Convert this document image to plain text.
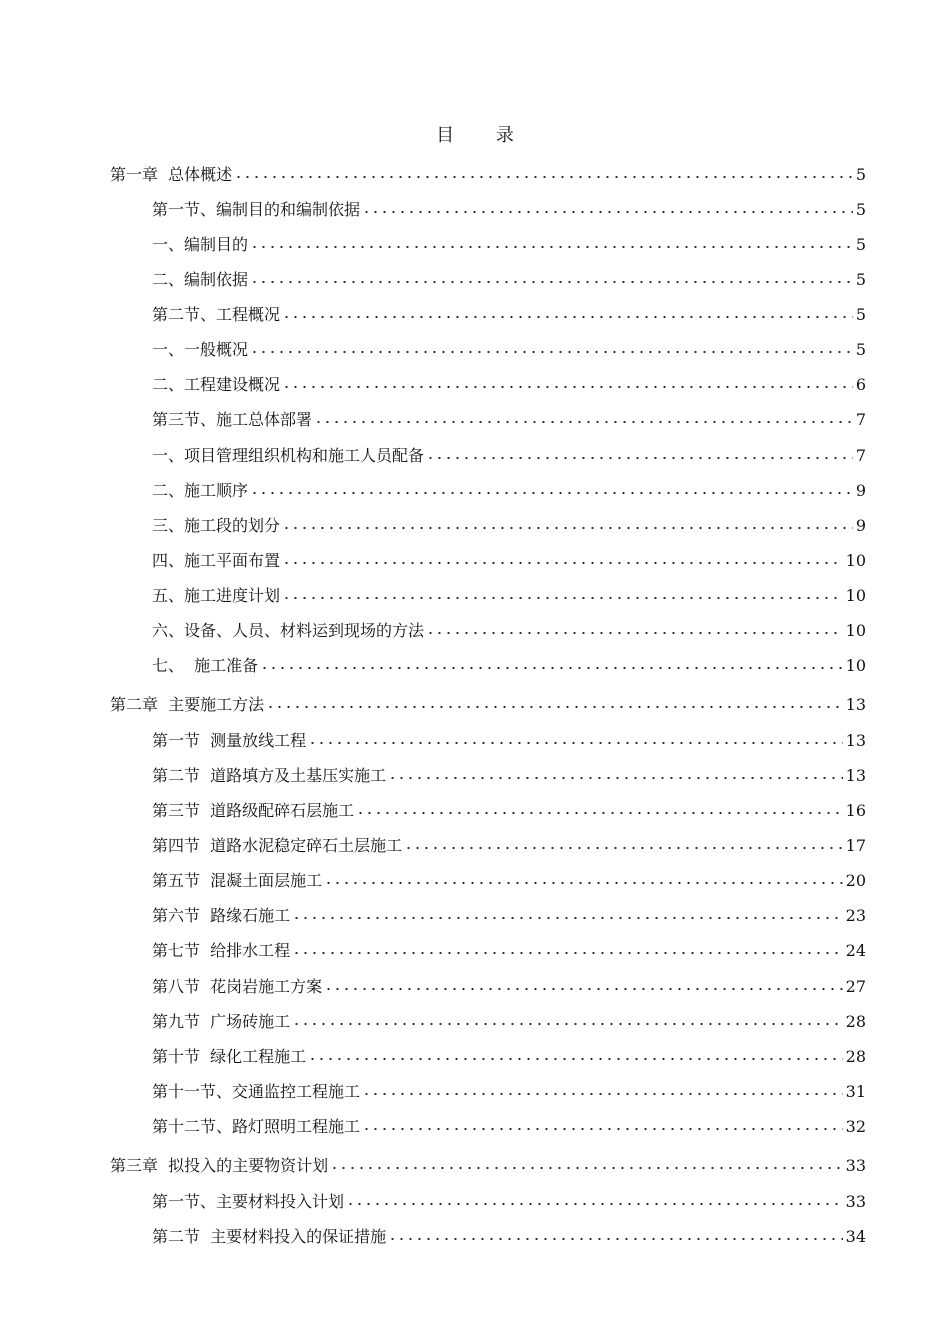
目 录
第一章  总体概述	5
第一节、编制目的和编制依据	5
一、编制目的	5
二、编制依据	5
第二节、工程概况	5
一、一般概况	5
二、工程建设概况	6
第三节、施工总体部署	7
一、项目管理组织机构和施工人员配备	7
二、施工顺序	9
三、施工段的划分	9
四、施工平面布置	10
五、施工进度计划	10
六、设备、人员、材料运到现场的方法	10
七、  施工准备	10
第二章  主要施工方法	13
第一节  测量放线工程	13
第二节  道路填方及土基压实施工	13
第三节  道路级配碎石层施工	16
第四节  道路水泥稳定碎石土层施工	17
第五节  混凝土面层施工	20
第六节  路缘石施工	23
第七节  给排水工程	24
第八节  花岗岩施工方案	27
第九节  广场砖施工	28
第十节  绿化工程施工	28
第十一节、交通监控工程施工	31
第十二节、路灯照明工程施工	32
第三章  拟投入的主要物资计划	33
第一节、主要材料投入计划	33
第二节  主要材料投入的保证措施	34
